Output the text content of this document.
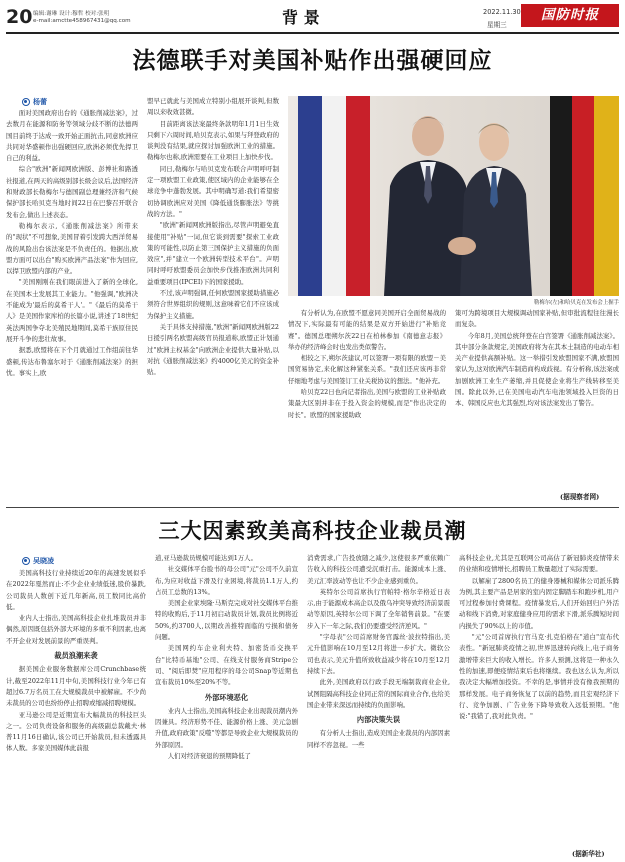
20 编辑:谢琳 设计:穆哲 校对:张明
e-mail:amctte458967431@qq.com	背 景	2022.11.30
星期三
国防时报
法德联手对美国补贴作出强硬回应
杨蕾

面对美国政府出台的《通胀削减法案》，过去数月在能源和防务等领域分歧不断的法德两国目前终于达成一致开始正面抗击,同意欧洲应共同对华盛顿作出强硬回应,欧洲必须优先捍卫自己的利益。

综合"欧洲"新闻网欧洲版、彭博社和路透社报道,在两天的高级别部长级会议后,法国经济和财政部长勒梅尔与德国副总理兼经济和气候保护部长哈贝克当地时间22日在巴黎召开联合发布会,做出上述表态。

勒梅尔表示,《通胀削减法案》所带来的"现状"不可想象,美国冒着引发跨大西洋贸易战的风险出台该法案是不负责任的。他据出,欧盟方面可以出台"购买欧洲产品法案"作为回应,以捍卫欧盟内部的产业。

"美国刚刚在我们眼前进入了新的全球化,在美国本土发展其工业能力。"他强调,"欧洲决不能成为'最后的莫希干人'。"《最后的莫希干人》是美国作家库柏的长篇小说,讲述了18世纪英法两国争夺北美殖民地期间,莫希干族原住民展开斗争的悲壮故事。

据悉,欧盟将在下个月就通过工作组前往华盛顿,传达布鲁塞尔对于《通胀削减法案》的担忧。事实上,欧

盟早已就此与美国成立特别小组展开谈判,但数周以来收效甚微。

目前距离该法案最终条款明年1月1日生效只剩下六周时间,哈贝克表示,如果与拜登政府的谈判没有结果,就应探讨加强欧洲工业的措施。勒梅尔也称,欧洲需要在工业项目上加快步伐。

同日,勒梅尔与哈贝克发布联合声明呼吁制定一项欧盟工业政策,使区域内的企业能够在全球竞争中蓬勃发展。其中明确写道:我们希望密切协调欧洲应对美国《降低通货膨胀法》等挑战的方法。"

"欧洲"新闻网欧洲版指出,尽管声明避免直接使用"补贴"一词,但它谈到需要"探索工业政策的可能性,以防止第三国保护主义措施的负面效应",并"建立一个欧洲转型技术平台"。声明同时呼吁欧盟委员会加快步伐推准欧洲共同利益重要项目(IPCEI)下的国家援助。

不过,该声明强调,任何欧盟国家援助措施必须符合世界组织的规则,这意味着它们不应该成为保护主义措施。

关于具体支持措施,"欧洲"新闻网欧洲版22日援引两名欧盟高级官员报道称,欧盟正计划通过"欧洲主权基金"向欧洲企业提供大量补贴,以对抗《通胀削减法案》约4000亿美元的资金补贴。

勒梅尔(左)和哈贝克在发布会上握手

有分析认为,在欧盟不愿意同美国开启全面贸易战的情况下,实际最有可能的结果是双方开始进行"补贴竞赛"。德国总理朔尔茨22日在柏林参加《南德意志报》举办的经济峰会时也发出类似警告。

相较之下,朔尔茨建议,可以签署一项有限的欧盟－美国贸易协定,来化解这种紧张关系。"我们还应该再非常仔细地考虑与美国签订工业关税协议的想法。"他补充。

哈贝克22日也向记者指出,美国与欧盟的工业补贴政策最大区别并非在于投入资金的规模,而是"作出决定的时长"。欧盟的国家援助政

策可为跨境项目大规模调动国家补贴,但审批流程往往漫长而复杂。

今年8月,美国总统拜登在白宫签署《通胀削减法案》。其中部分条款规定,美国政府将为在其本土制造的电动车相关产业提供高额补贴。这一举措引发欧盟国家不满,欧盟国家认为,这对欧洲汽车制造商构成歧视。有分析称,该法案或加剧欧洲工业生产萎缩,并且促使企业将生产线转移至美国。除此以外,已在美国电动汽车电池领域投入巨资的日本、韩国反应也尤其强烈,均对该法案发出了警告。

(据现察者网)
三大因素致美高科技企业裁员潮
吴晓凌

美国高科技行业持续近20年的高速发展似乎在2022年戛然而止:不少企业业绩低迷,股价暴跌,公司裁员人数创下近几年新高,员工数同比高价低。

业内人士指出,美国高科技企业扎堆裁员并非偶然,原因既包括外部大环境的多重不利因素,也离不开企业对发展前景的严重误判。

裁员浪潮来袭

据美国企业服务数据库公司Crunchbase统计,截至2022年11月中旬,美国科技行业今年已有超过6.7万名员工在大规模裁员中被解雇。不少尚未裁员的公司也纷纷停止招聘或缩减招聘规模。

亚马逊公司是近期宣布大幅裁员的科技巨头之一。公司负责设备和服务的高级副总裁戴夫·林普11月16日确认,该公司已开始裁员,但未透露具体人数。多家美国媒体此前报

道,亚马逊裁员规模可能达到1万人。

社交媒体平台脸书的母公司"元"公司不久前宣布,为应对收益下滑及行业困境,将裁员1.1万人,约占员工总数的13%。

美国企业家埃隆·马斯克完成对社交媒体平台推特的收购后,于11月初启动裁员计划,裁员比例将近50%,约3700人,以期改善推特面临的亏损和债务问题。

美国网约车企业利夫特、加密货币交换平台"比特币基地"公司、在线支付服务商Stripe公司、"阅后即焚"应用程序的母公司Snap等近期也宣布裁员10%至20%不等。

外部环境恶化

业内人士指出,美国高科技企业出现裁员潮内外因兼具。经济形势不佳、能源价格上涨、美元急剧升值,政府政策"反噬"等都是导致企业大规模裁员的外部原因。

人们对经济衰退的预期降低了

消费需求,广告投放随之减少,这使很多严重依赖广告收入的科技公司遭受沉重打击。能源成本上涨、美元汇率波动等也让不少企业感到重负。

英特尔公司首席执行官帕特·格尔辛格近日表示,由于能源成本高企以及俄乌冲突导致经济前景震动等原因,英特尔公司下调了全年销售前景。"在要步入下一年之际,我们仍要遭受经济逆风。"

"字母表"公司首席财务官露丝·波拉特指出,美元升值影响在10月至12月将进一步扩大。微软公司也表示,美元升值所致收益减少将在10月至12月持续下去。

此外,美国政府以行政手段无端制裁商业企业,试图阻隔高科技企业同正常的国际商业合作,也给美国企业带来深远而持续的负面影响。

内部决策失误

有分析人士指出,造成美国企业裁员的内部因素同样不容忽视。一些

高科技企业,尤其是互联网公司高估了新冠肺炎疫情带来的业绩和疫情增长,招聘员工数量超过了实际需要。

以解雇了2800名员工的健身器械和媒体公司派乐腾为例,其主要产品是居家的室内固定脚踏车和跑步机,用户可过程参加付费课程。疫情暴发后,人们开始回归户外活动和线下消费,对家庭健身应用的需求下滑,派乐腾短时间内损失了90%以上的市值。

"元"公司首席执行官马克·扎克伯格在"道白"宣布代表性。"新冠肺炎疫情之初,世界迅速转向线上,电子商务激增带来巨大的收入增长。许多人预测,这将是一种永久性的加速,即便疫情结束后也将继续。我也这么认为,所以我决定大幅增加投资。不幸的是,事情并没有像我预期的那样发展。电子商务恢复了以前的趋势,而且宏观经济下行、竞争加剧、广告业务下降导致收入远低预期。"他说:"我错了,我对此负责。"

(据新华社)
